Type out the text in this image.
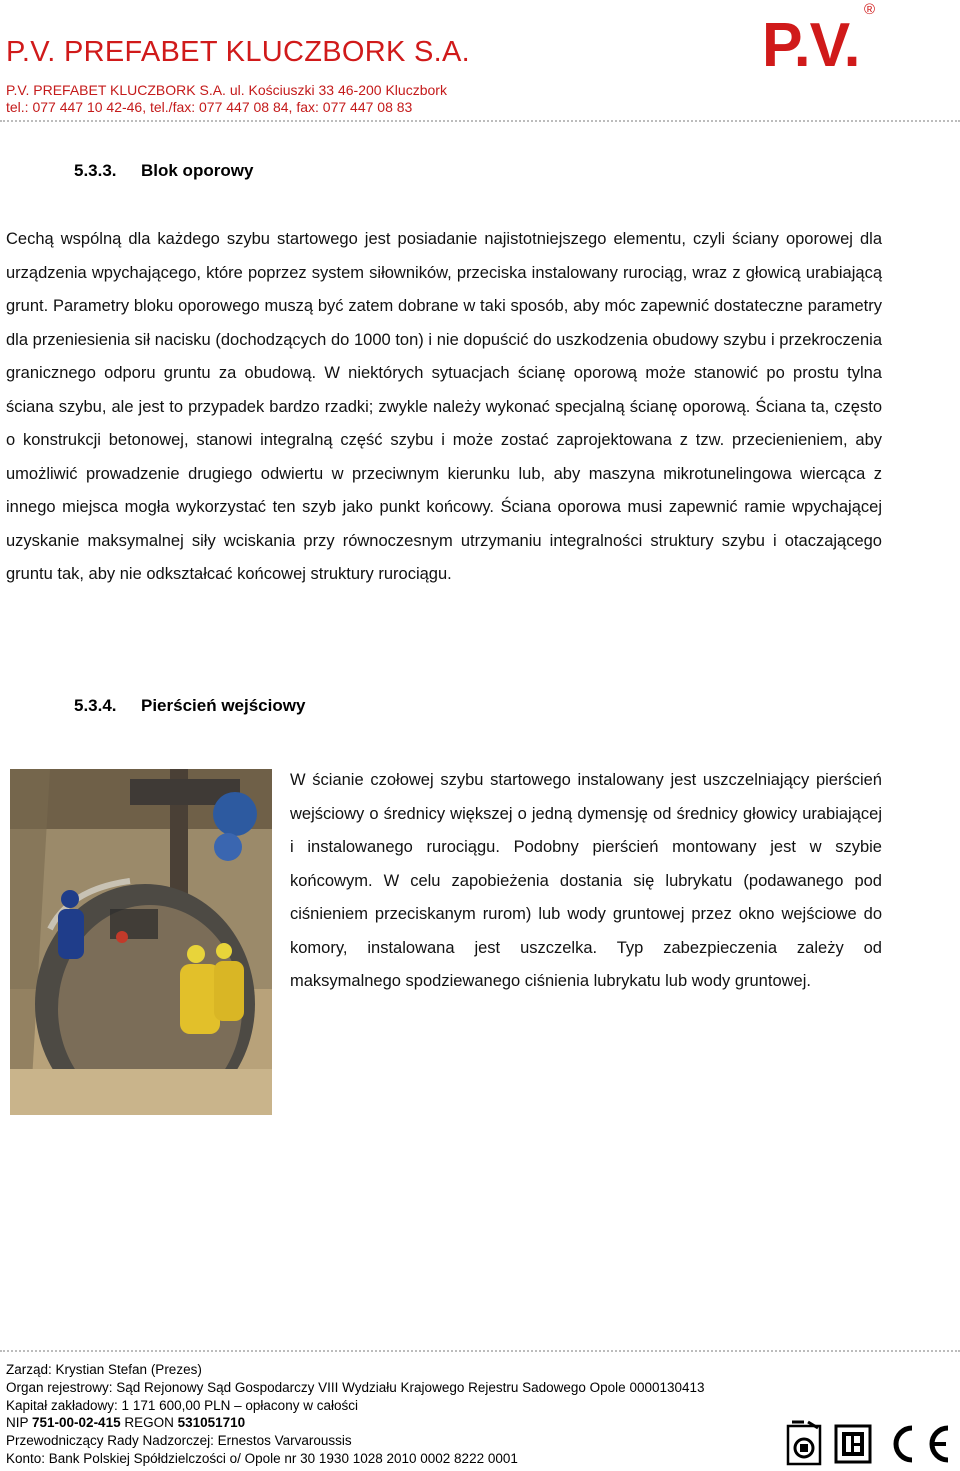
P.V. PREFABET KLUCZBORK S.A.
P.V. PREFABET KLUCZBORK S.A. ul. Kościuszki 33 46-200 Kluczbork
tel.: 077 447 10 42-46, tel./fax: 077 447 08 84, fax: 077 447 08 83
P.V.
®
5.3.3. Blok oporowy

Cechą wspólną dla każdego szybu startowego jest posiadanie najistotniejszego elementu, czyli ściany oporowej dla urządzenia wpychającego, które poprzez system siłowników, przeciska instalowany rurociąg, wraz z głowicą urabiającą grunt. Parametry bloku oporowego muszą być zatem dobrane w taki sposób, aby móc zapewnić dostateczne parametry dla przeniesienia sił nacisku (dochodzących do 1000 ton) i nie dopuścić do uszkodzenia obudowy szybu i przekroczenia granicznego odporu gruntu za obudową. W niektórych sytuacjach ścianę oporową może stanowić po prostu tylna ściana szybu, ale jest to przypadek bardzo rzadki; zwykle należy wykonać specjalną ścianę oporową. Ściana ta, często o konstrukcji betonowej, stanowi integralną część szybu i może zostać zaprojektowana z tzw. przecienieniem, aby umożliwić prowadzenie drugiego odwiertu w przeciwnym kierunku lub, aby maszyna mikrotunelingowa wiercąca z innego miejsca mogła wykorzystać ten szyb jako punkt końcowy. Ściana oporowa musi zapewnić ramie wpychającej uzyskanie maksymalnej siły wciskania przy równoczesnym utrzymaniu integralności struktury szybu i otaczającego gruntu tak, aby nie odkształcać końcowej struktury rurociągu.

5.3.4. Pierścień wejściowy

W ścianie czołowej szybu startowego instalowany jest uszczelniający pierścień wejściowy o średnicy większej o jedną dymensję od średnicy głowicy urabiającej i instalowanego rurociągu. Podobny pierścień montowany jest w szybie końcowym. W celu zapobieżenia dostania się lubrykatu (podawanego pod ciśnieniem przeciskanym rurom) lub wody gruntowej przez okno wejściowe do komory, instalowana jest uszczelka. Typ zabezpieczenia zależy od maksymalnego spodziewanego ciśnienia lubrykatu lub wody gruntowej.

Zarząd: Krystian Stefan (Prezes)
Organ rejestrowy: Sąd Rejonowy Sąd Gospodarczy VIII Wydziału Krajowego Rejestru Sadowego Opole 0000130413
Kapitał zakładowy: 1 171 600,00 PLN – opłacony w całości
NIP 751-00-02-415 REGON 531051710
Przewodniczący Rady Nadzorczej: Ernestos Varvaroussis
Konto: Bank Polskiej Spółdzielczości o/ Opole nr 30 1930 1028 2010 0002 8222 0001
